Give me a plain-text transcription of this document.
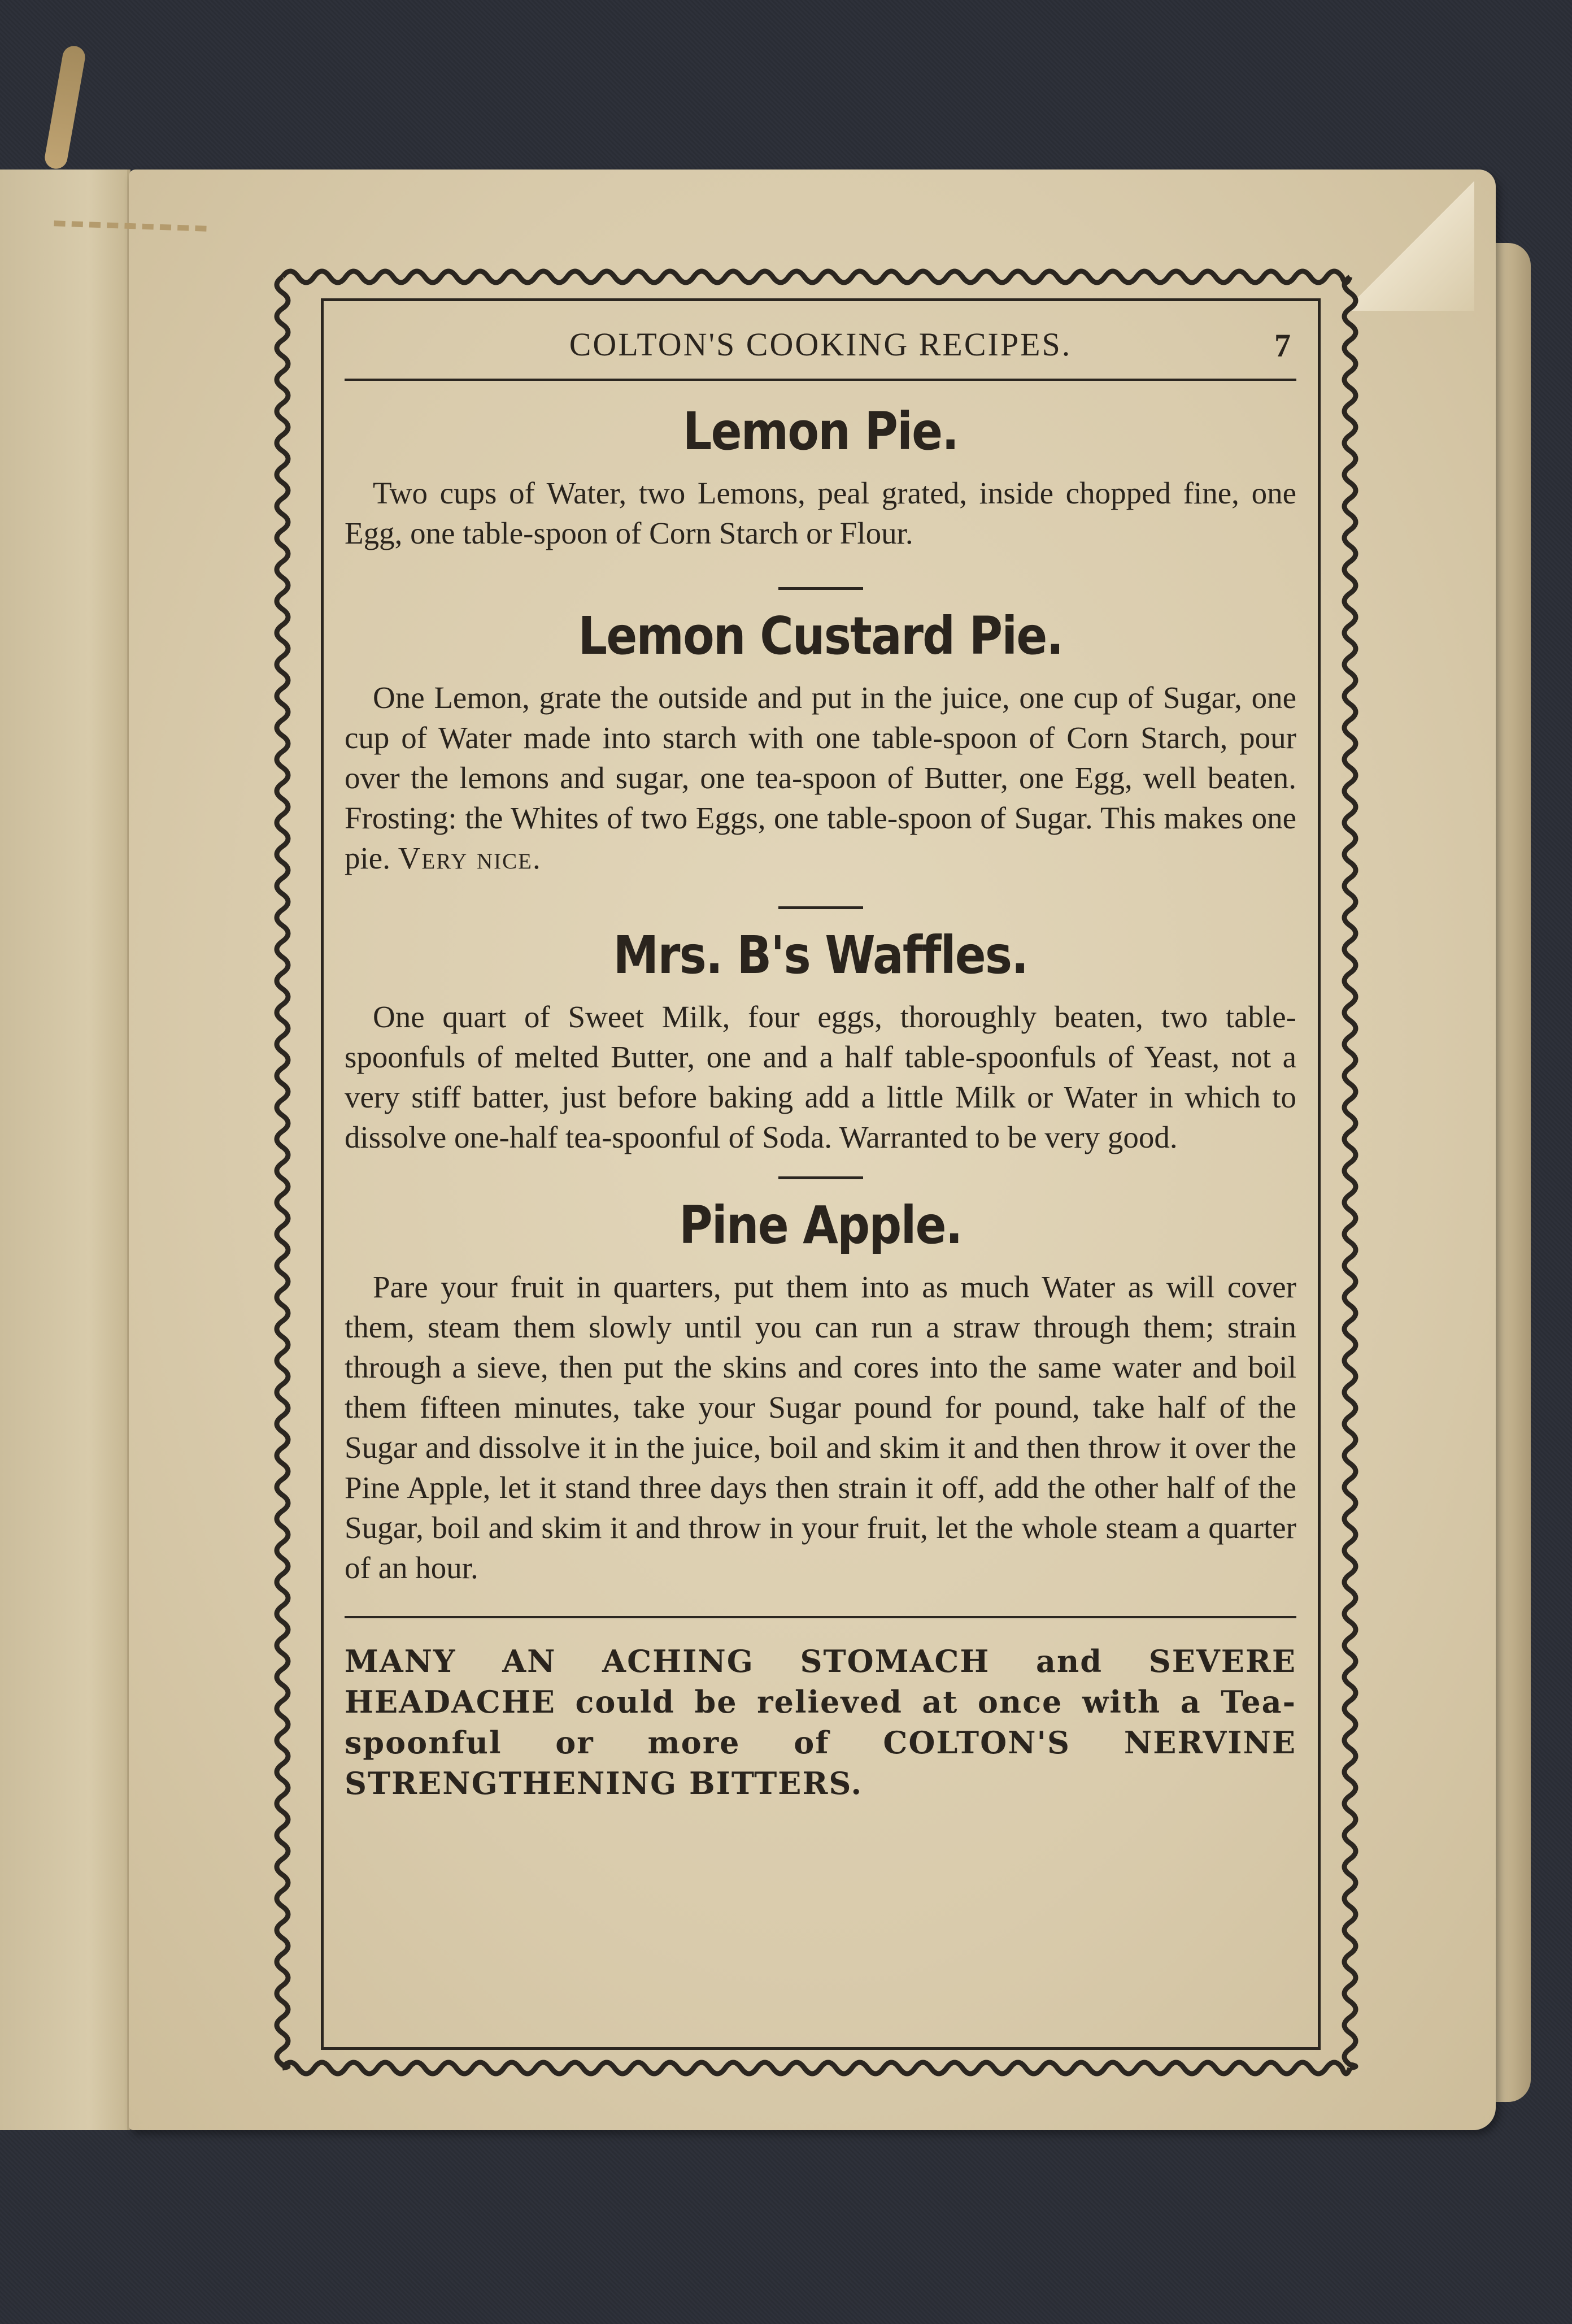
COLTON'S COOKING RECIPES.	7
Lemon Pie.

Two cups of Water, two Lemons, peal grated, inside chopped fine, one Egg, one table-spoon of Corn Starch or Flour.

Lemon Custard Pie.

One Lemon, grate the outside and put in the juice, one cup of Sugar, one cup of Water made into starch with one table-spoon of Corn Starch, pour over the lemons and sugar, one tea-spoon of Butter, one Egg, well beaten. Frosting: the Whites of two Eggs, one table-spoon of Sugar. This makes one pie. Very nice.

Mrs. B's Waffles.

One quart of Sweet Milk, four eggs, thoroughly beaten, two table-spoonfuls of melted Butter, one and a half table-spoonfuls of Yeast, not a very stiff batter, just before baking add a little Milk or Water in which to dissolve one-half tea-spoonful of Soda. Warranted to be very good.

Pine Apple.

Pare your fruit in quarters, put them into as much Water as will cover them, steam them slowly until you can run a straw through them; strain through a sieve, then put the skins and cores into the same water and boil them fifteen minutes, take your Sugar pound for pound, take half of the Sugar and dissolve it in the juice, boil and skim it and then throw it over the Pine Apple, let it stand three days then strain it off, add the other half of the Sugar, boil and skim it and throw in your fruit, let the whole steam a quarter of an hour.

MANY AN ACHING STOMACH and SEVERE HEADACHE could be relieved at once with a Tea-spoonful or more of COLTON'S NERVINE STRENGTHENING BITTERS.
